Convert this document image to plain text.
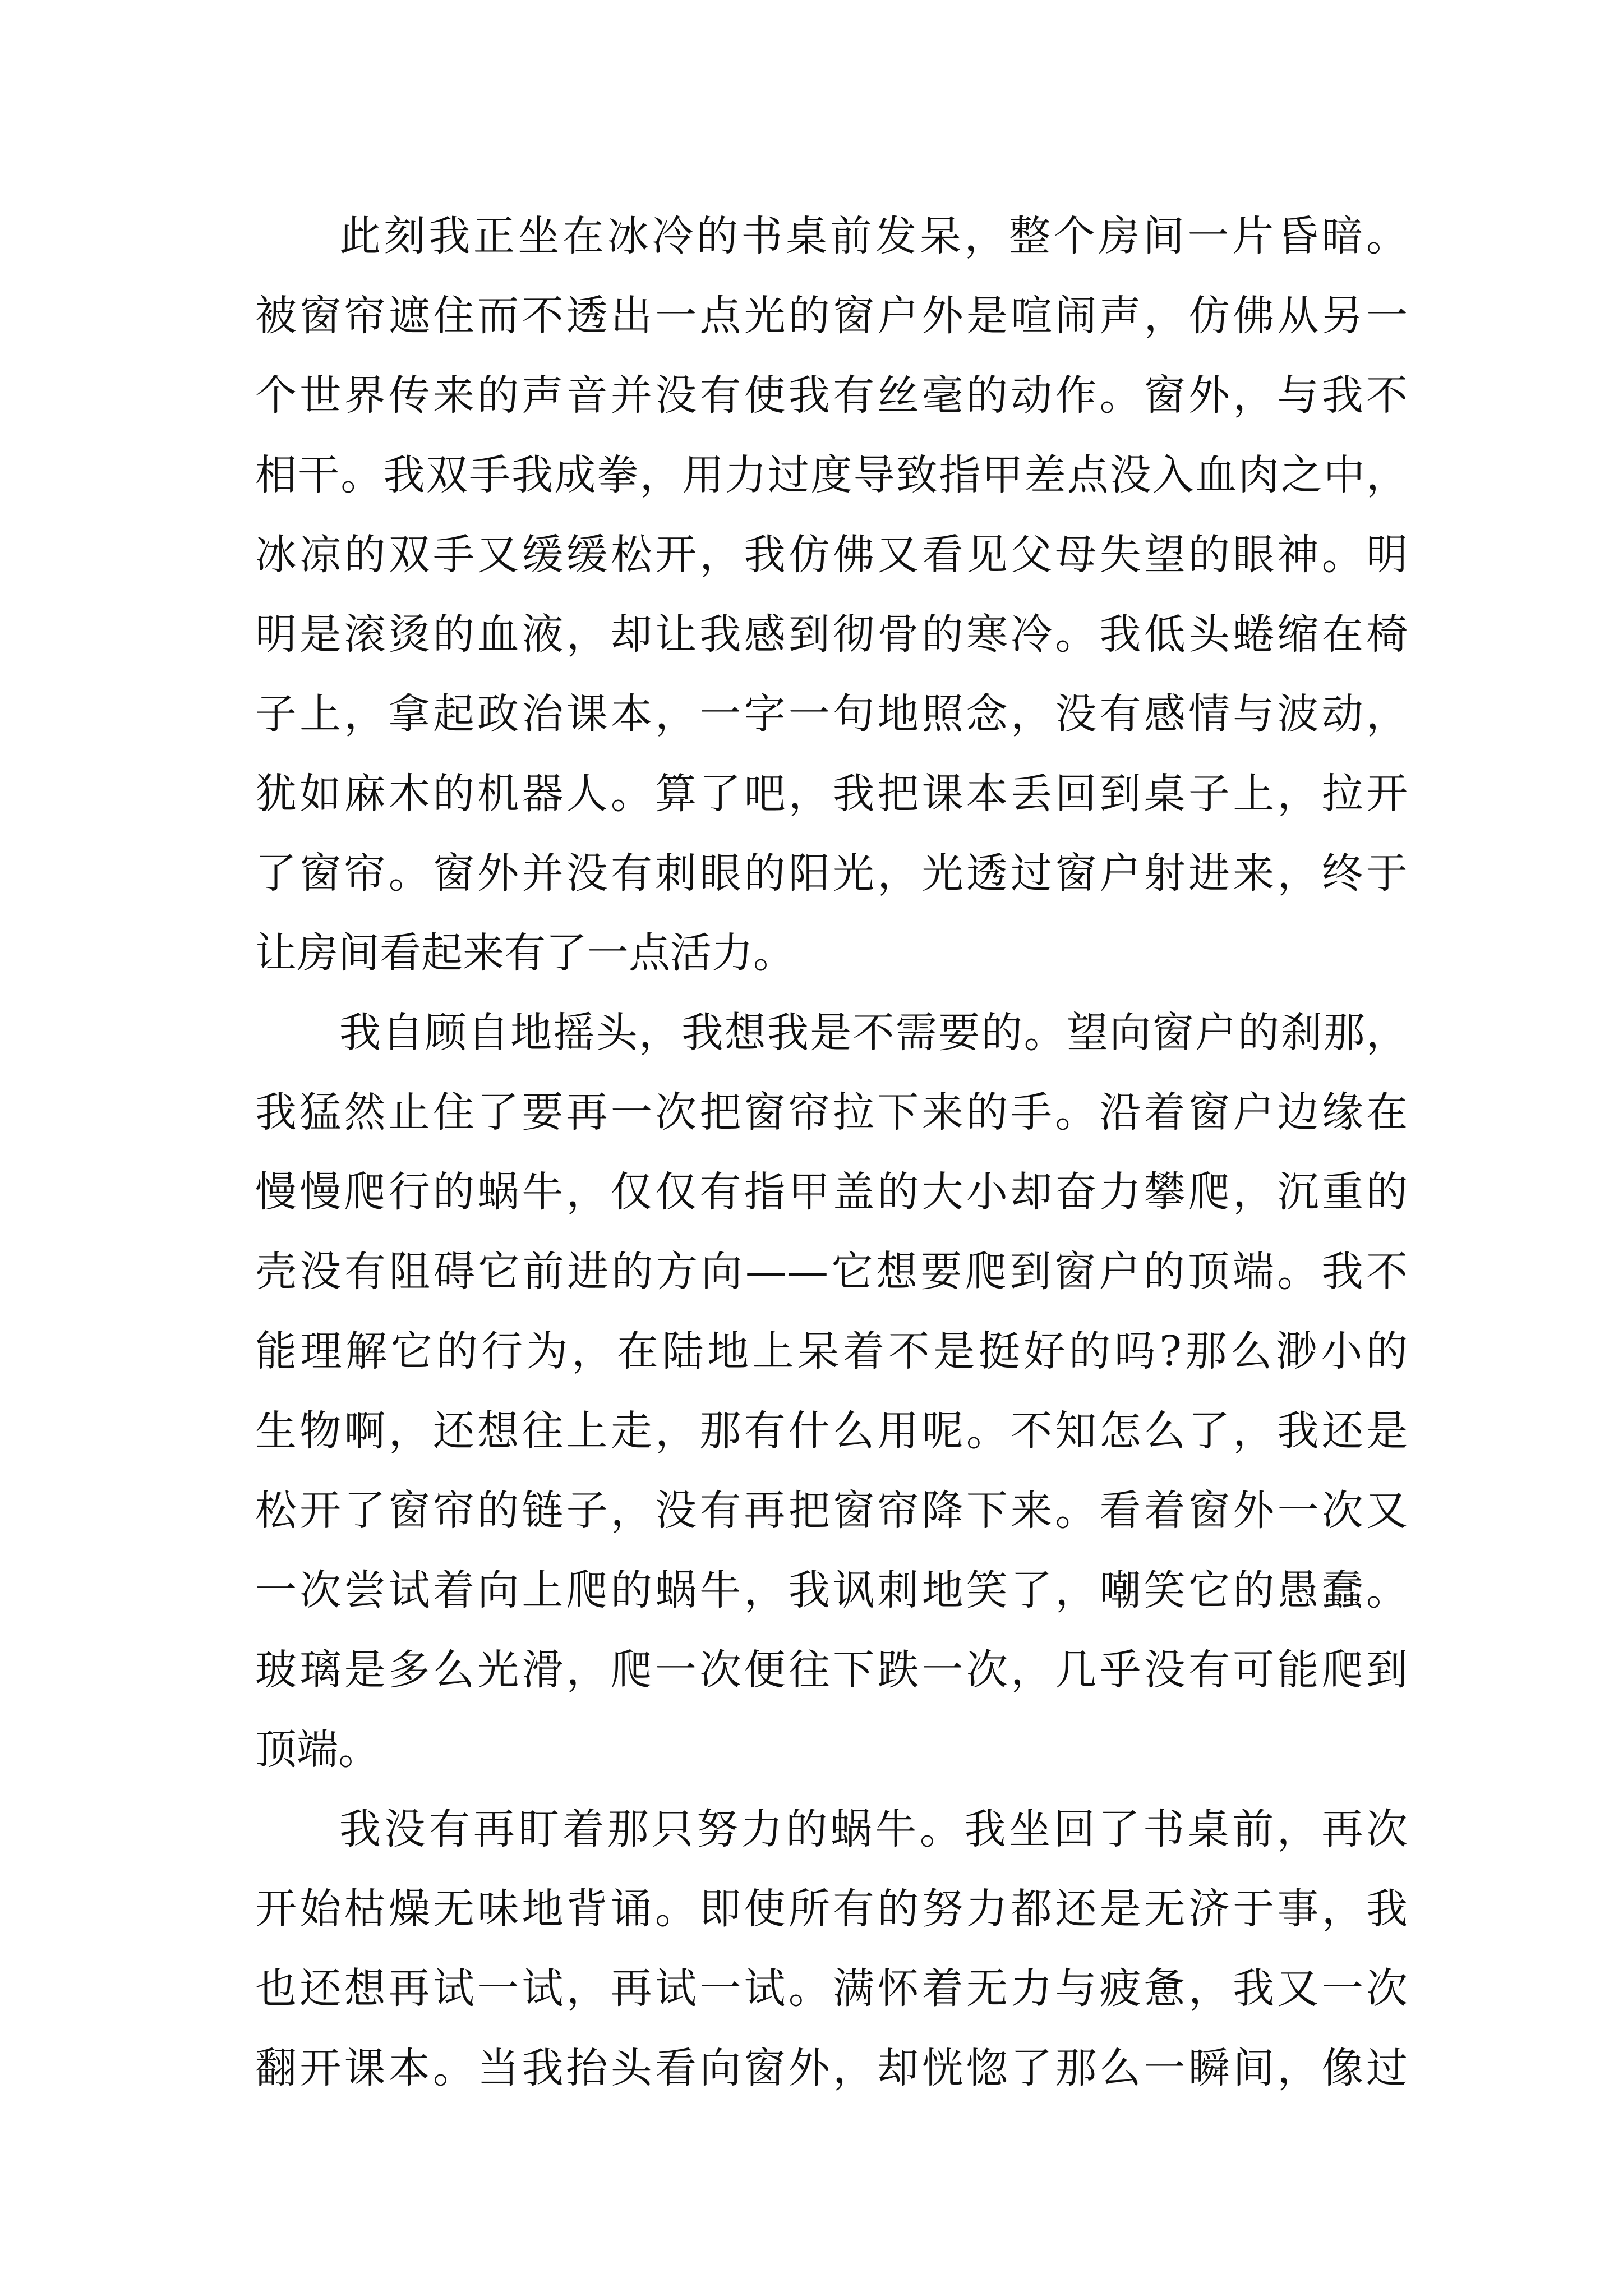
此刻我正坐在冰冷的书桌前发呆，整个房间一片昏暗。
被窗帘遮住而不透出一点光的窗户外是喧闹声，仿佛从另一
个世界传来的声音并没有使我有丝毫的动作。窗外，与我不
相干。我双手我成拳，用力过度导致指甲差点没入血肉之中，
冰凉的双手又缓缓松开，我仿佛又看见父母失望的眼神。明
明是滚烫的血液，却让我感到彻骨的寒冷。我低头蜷缩在椅
子上，拿起政治课本，一字一句地照念，没有感情与波动，
犹如麻木的机器人。算了吧，我把课本丢回到桌子上，拉开
了窗帘。窗外并没有刺眼的阳光，光透过窗户射进来，终于
让房间看起来有了一点活力。
我自顾自地摇头，我想我是不需要的。望向窗户的刹那，
我猛然止住了要再一次把窗帘拉下来的手。沿着窗户边缘在
慢慢爬行的蜗牛，仅仅有指甲盖的大小却奋力攀爬，沉重的
壳没有阻碍它前进的方向——它想要爬到窗户的顶端。我不
能理解它的行为，在陆地上呆着不是挺好的吗?那么渺小的
生物啊，还想往上走，那有什么用呢。不知怎么了，我还是
松开了窗帘的链子，没有再把窗帘降下来。看着窗外一次又
一次尝试着向上爬的蜗牛，我讽刺地笑了，嘲笑它的愚蠢。
玻璃是多么光滑，爬一次便往下跌一次，几乎没有可能爬到
顶端。
我没有再盯着那只努力的蜗牛。我坐回了书桌前，再次
开始枯燥无味地背诵。即使所有的努力都还是无济于事，我
也还想再试一试，再试一试。满怀着无力与疲惫，我又一次
翻开课本。当我抬头看向窗外，却恍惚了那么一瞬间，像过
